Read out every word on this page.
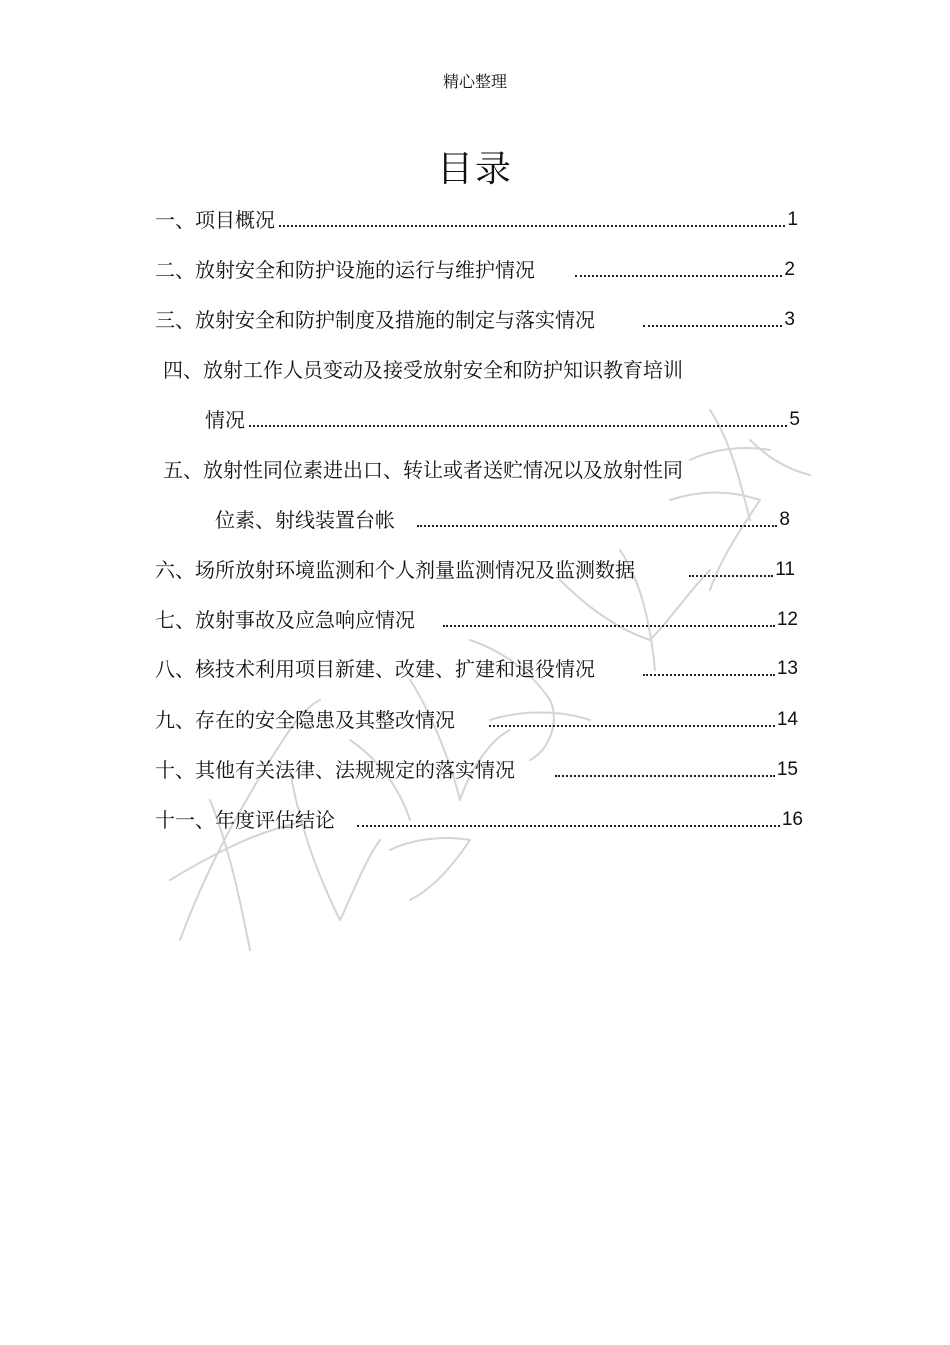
精心整理
目录
一、项目概况	1
二、放射安全和防护设施的运行与维护情况	2
三、放射安全和防护制度及措施的制定与落实情况	3
四、放射工作人员变动及接受放射安全和防护知识教育培训
情况	5
五、放射性同位素进出口、转让或者送贮情况以及放射性同
位素、射线装置台帐	8
六、场所放射环境监测和个人剂量监测情况及监测数据	11
七、放射事故及应急响应情况	12
八、核技术利用项目新建、改建、扩建和退役情况	13
九、存在的安全隐患及其整改情况	14
十、其他有关法律、法规规定的落实情况	15
十一、年度评估结论	16
